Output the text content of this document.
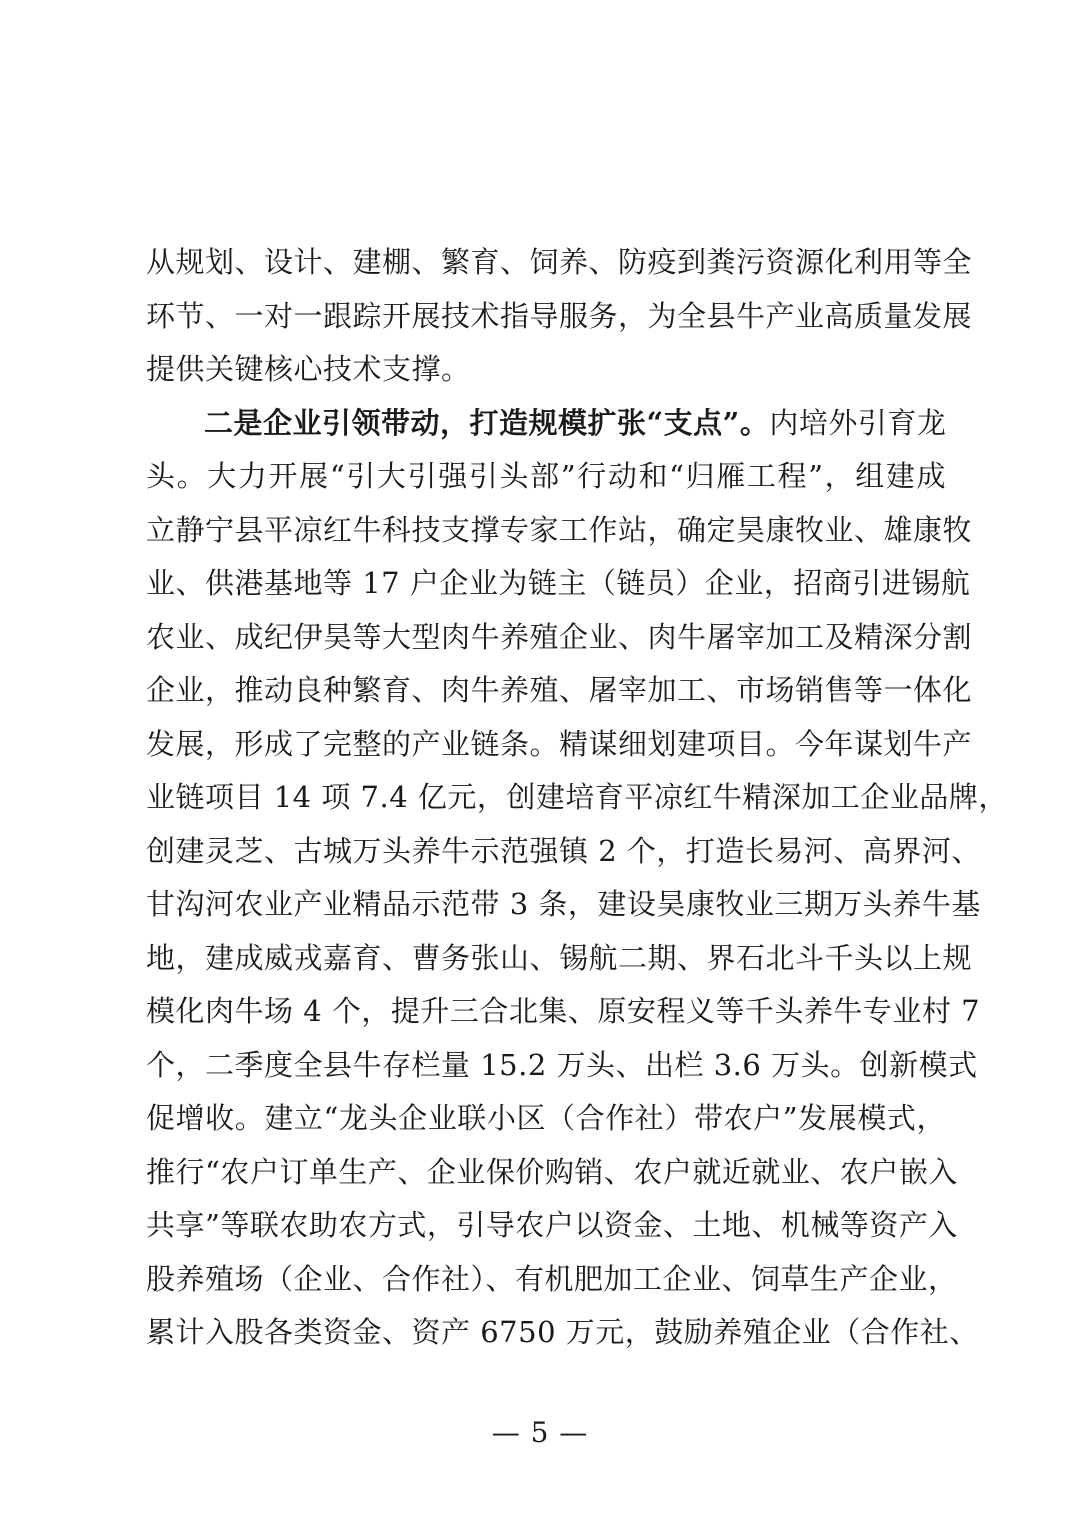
从规划、设计、建棚、繁育、饲养、防疫到粪污资源化利用等全
环节、一对一跟踪开展技术指导服务，为全县牛产业高质量发展
提供关键核心技术支撑。
二是企业引领带动，打造规模扩张“支点”。内培外引育龙
头。大力开展“引大引强引头部”行动和“归雁工程”，组建成
立静宁县平凉红牛科技支撑专家工作站，确定昊康牧业、雄康牧
业、供港基地等 17 户企业为链主（链员）企业，招商引进锡航
农业、成纪伊昊等大型肉牛养殖企业、肉牛屠宰加工及精深分割
企业，推动良种繁育、肉牛养殖、屠宰加工、市场销售等一体化
发展，形成了完整的产业链条。精谋细划建项目。今年谋划牛产
业链项目 14 项 7.4 亿元，创建培育平凉红牛精深加工企业品牌，
创建灵芝、古城万头养牛示范强镇 2 个，打造长易河、高界河、
甘沟河农业产业精品示范带 3 条，建设昊康牧业三期万头养牛基
地，建成威戎嘉育、曹务张山、锡航二期、界石北斗千头以上规
模化肉牛场 4 个，提升三合北集、原安程义等千头养牛专业村 7
个，二季度全县牛存栏量 15.2 万头、出栏 3.6 万头。创新模式
促增收。建立“龙头企业联小区（合作社）带农户”发展模式，
推行“农户订单生产、企业保价购销、农户就近就业、农户嵌入
共享”等联农助农方式，引导农户以资金、土地、机械等资产入
股养殖场（企业、合作社）、有机肥加工企业、饲草生产企业，
累计入股各类资金、资产 6750 万元，鼓励养殖企业（合作社、
— 5 —
